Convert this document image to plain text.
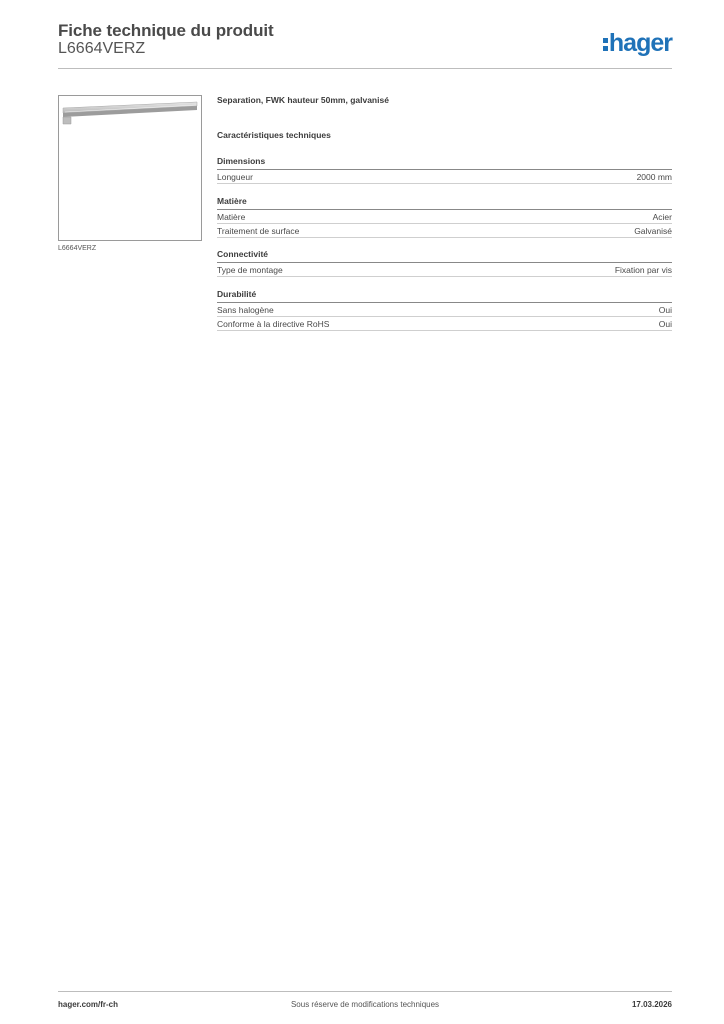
Fiche technique du produit
L6664VERZ	hager
L6664VERZ
Separation, FWK hauteur 50mm, galvanisé
Caractéristiques techniques
Dimensions
Longueur	2000 mm
Matière
Matière	Acier
Traitement de surface	Galvanisé
Connectivité
Type de montage	Fixation par vis
Durabilité
Sans halogène	Oui
Conforme à la directive RoHS	Oui
hager.com/fr-ch	Sous réserve de modifications techniques	17.03.2026
